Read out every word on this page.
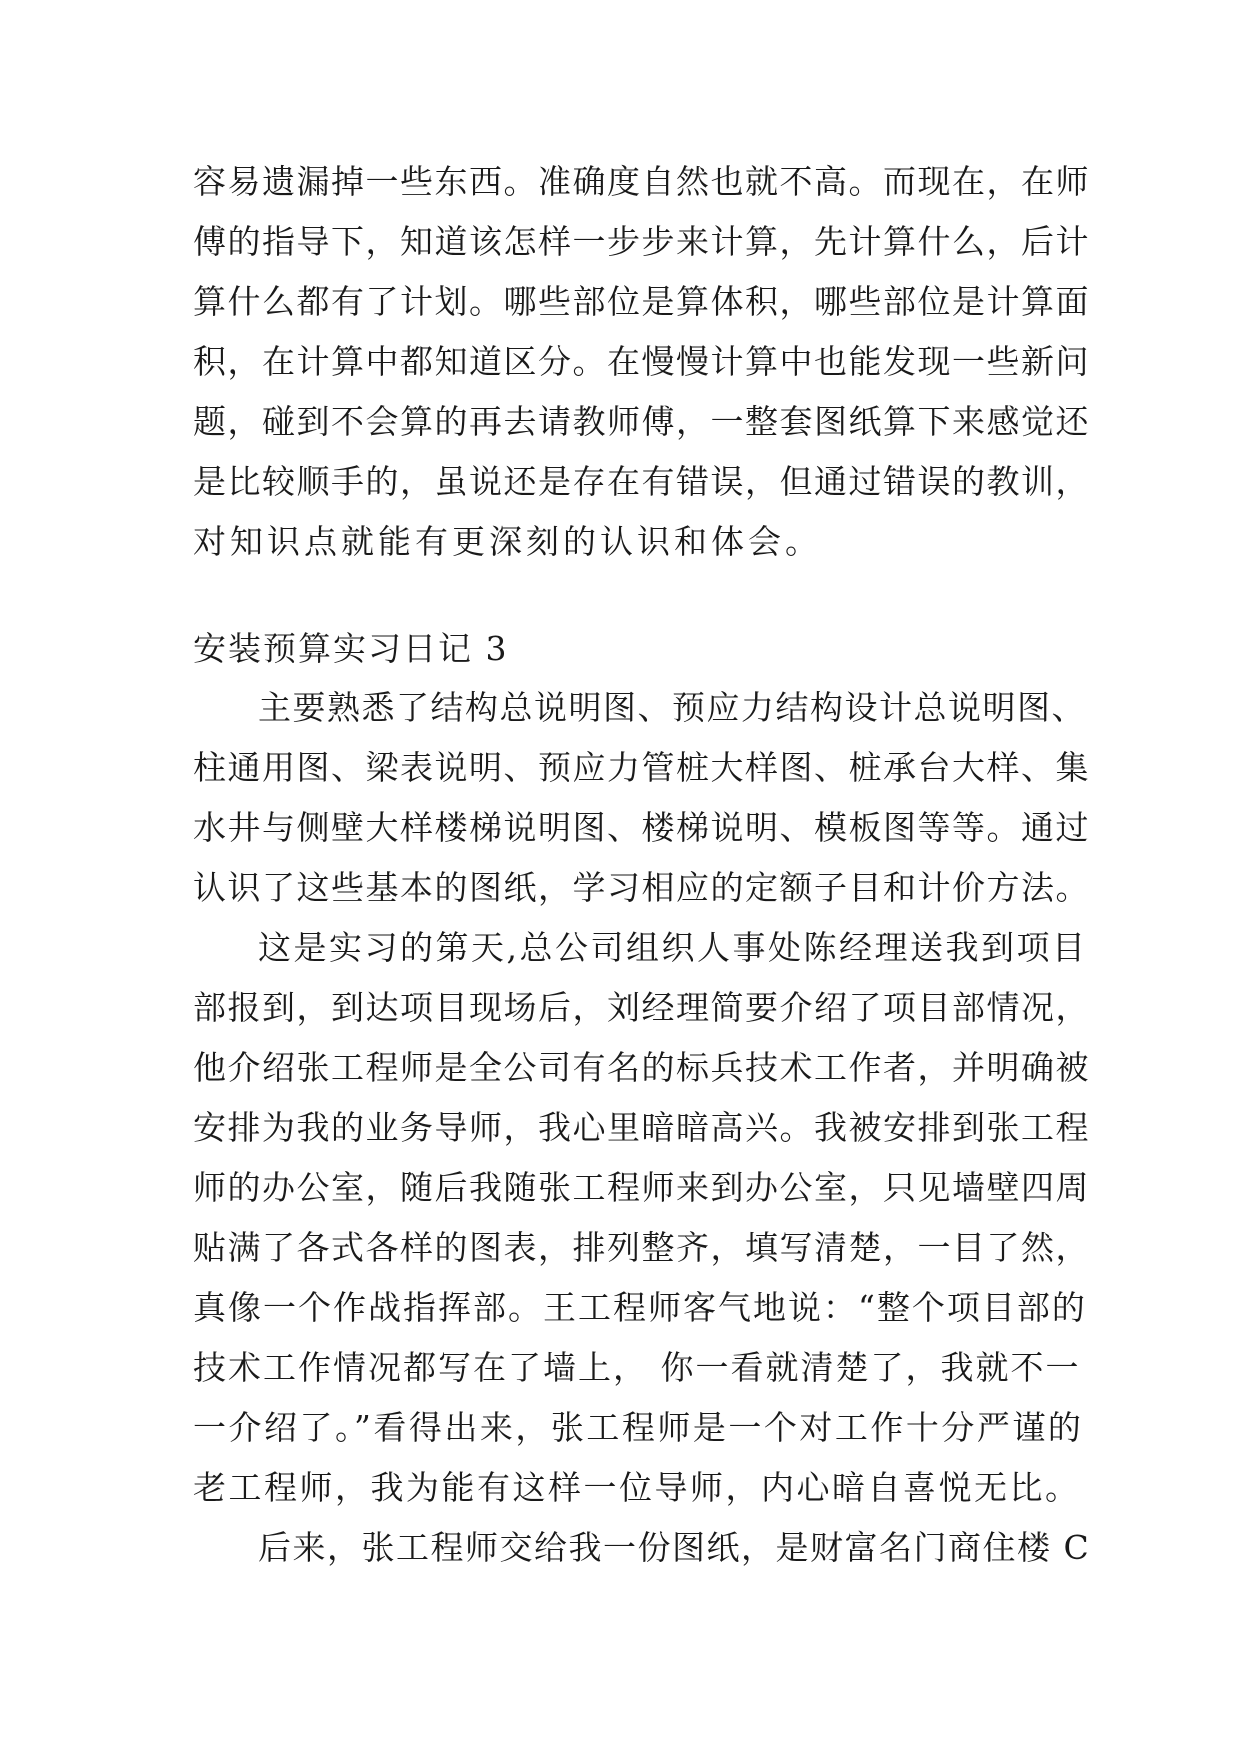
容易遗漏掉一些东西。准确度自然也就不高。而现在，在师

傅的指导下，知道该怎样一步步来计算，先计算什么，后计

算什么都有了计划。哪些部位是算体积，哪些部位是计算面

积，在计算中都知道区分。在慢慢计算中也能发现一些新问

题，碰到不会算的再去请教师傅，一整套图纸算下来感觉还

是比较顺手的，虽说还是存在有错误，但通过错误的教训，

对知识点就能有更深刻的认识和体会。

安装预算实习日记 3

主要熟悉了结构总说明图、预应力结构设计总说明图、

柱通用图、梁表说明、预应力管桩大样图、桩承台大样、集

水井与侧壁大样楼梯说明图、楼梯说明、模板图等等。通过

认识了这些基本的图纸，学习相应的定额子目和计价方法。

这是实习的第天,总公司组织人事处陈经理送我到项目

部报到，到达项目现场后，刘经理简要介绍了项目部情况，

他介绍张工程师是全公司有名的标兵技术工作者，并明确被

安排为我的业务导师，我心里暗暗高兴。我被安排到张工程

师的办公室，随后我随张工程师来到办公室，只见墙壁四周

贴满了各式各样的图表，排列整齐，填写清楚，一目了然，

真像一个作战指挥部。王工程师客气地说：“整个项目部的

技术工作情况都写在了墙上， 你一看就清楚了，我就不一

一介绍了。”看得出来，张工程师是一个对工作十分严谨的

老工程师，我为能有这样一位导师，内心暗自喜悦无比。

后来，张工程师交给我一份图纸，是财富名门商住楼 C
